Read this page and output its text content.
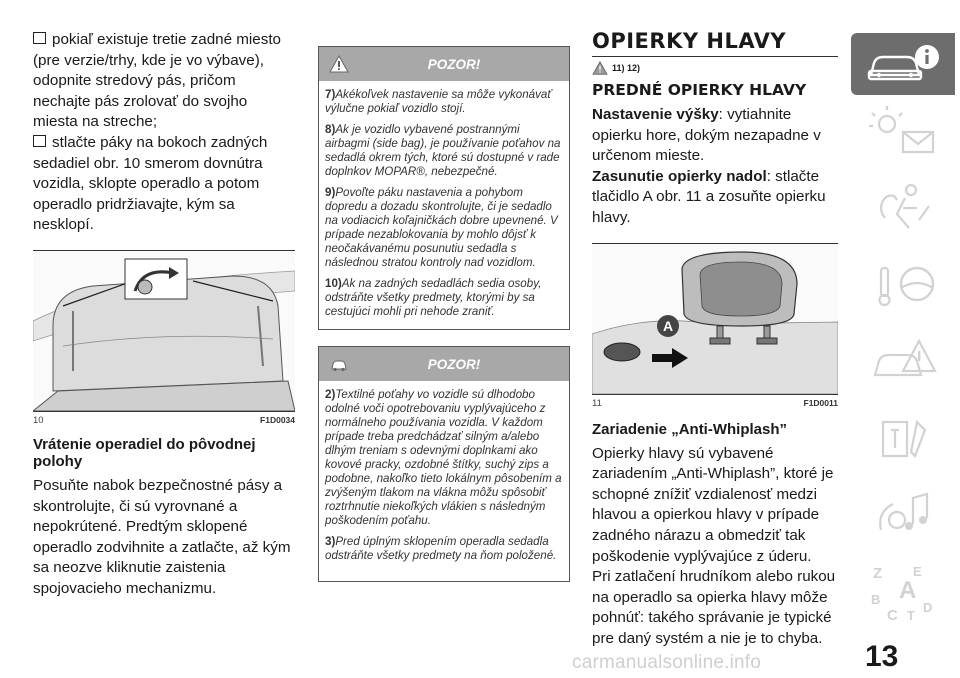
pokiaľ existuje tretie zadné miesto (pre verzie/trhy, kde je vo výbave), odopnite stredový pás, pričom nechajte pás zrolovať do svojho miesta na streche;
stlačte páky na bokoch zadných sedadiel obr. 10 smerom dovnútra vozidla, sklopte operadlo a potom operadlo pridržiavajte, kým sa nesklopí.
10	F1D0034
Vrátenie operadiel do pôvodnej polohy
Posuňte nabok bezpečnostné pásy a skontrolujte, či sú vyrovnané a nepokrútené. Predtým sklopené operadlo zodvihnite a zatlačte, až kým sa neozve kliknutie zaistenia spojovacieho mechanizmu.
POZOR!

7)Akékoľvek nastavenie sa môže vykonávať výlučne pokiaľ vozidlo stojí.

8)Ak je vozidlo vybavené postrannými airbagmi (side bag), je používanie poťahov na sedadlá okrem tých, ktoré sú dostupné v rade doplnkov MOPAR®, nebezpečné.

9)Povoľte páku nastavenia a pohybom dopredu a dozadu skontrolujte, či je sedadlo na vodiacich koľajničkách dobre upevnené. V prípade nezablokovania by mohlo dôjsť k neočakávanému posunutiu sedadla s následnou stratou kontroly nad vozidlom.

10)Ak na zadných sedadlách sedia osoby, odstráňte všetky predmety, ktorými by sa cestujúci mohli pri nehode zraniť.

POZOR!

2)Textilné poťahy vo vozidle sú dlhodobo odolné voči opotrebovaniu vyplývajúceho z normálneho používania vozidla. V každom prípade treba predchádzať silným a/alebo dlhým treniam s odevnými doplnkami ako kovové pracky, ozdobné štítky, suchý zips a podobne, nakoľko tieto lokálnym pôsobením a zvýšeným tlakom na vlákna môžu spôsobiť roztrhnutie niekoľkých vlákien s následným poškodením poťahu.

3)Pred úplným sklopením operadla sedadla odstráňte všetky predmety na ňom položené.

OPIERKY HLAVY
11) 12)
PREDNÉ OPIERKY HLAVY
Nastavenie výšky: vytiahnite opierku hore, dokým nezapadne v určenom mieste.
Zasunutie opierky nadol: stlačte tlačidlo A obr. 11 a zosuňte opierku hlavy.
A
11	F1D0011
Zariadenie „Anti-Whiplash”
Opierky hlavy sú vybavené zariadením „Anti-Whiplash”, ktoré je schopné znížiť vzdialenosť medzi hlavou a opierkou hlavy v prípade zadného nárazu a obmedziť tak poškodenie vyplývajúce z úderu.
Pri zatlačení hrudníkom alebo rukou na operadlo sa opierka hlavy môže pohnúť: takého správanie je typické pre daný systém a nie je to chyba.
Z E
B A
C T
D
13
carmanualsonline.info
